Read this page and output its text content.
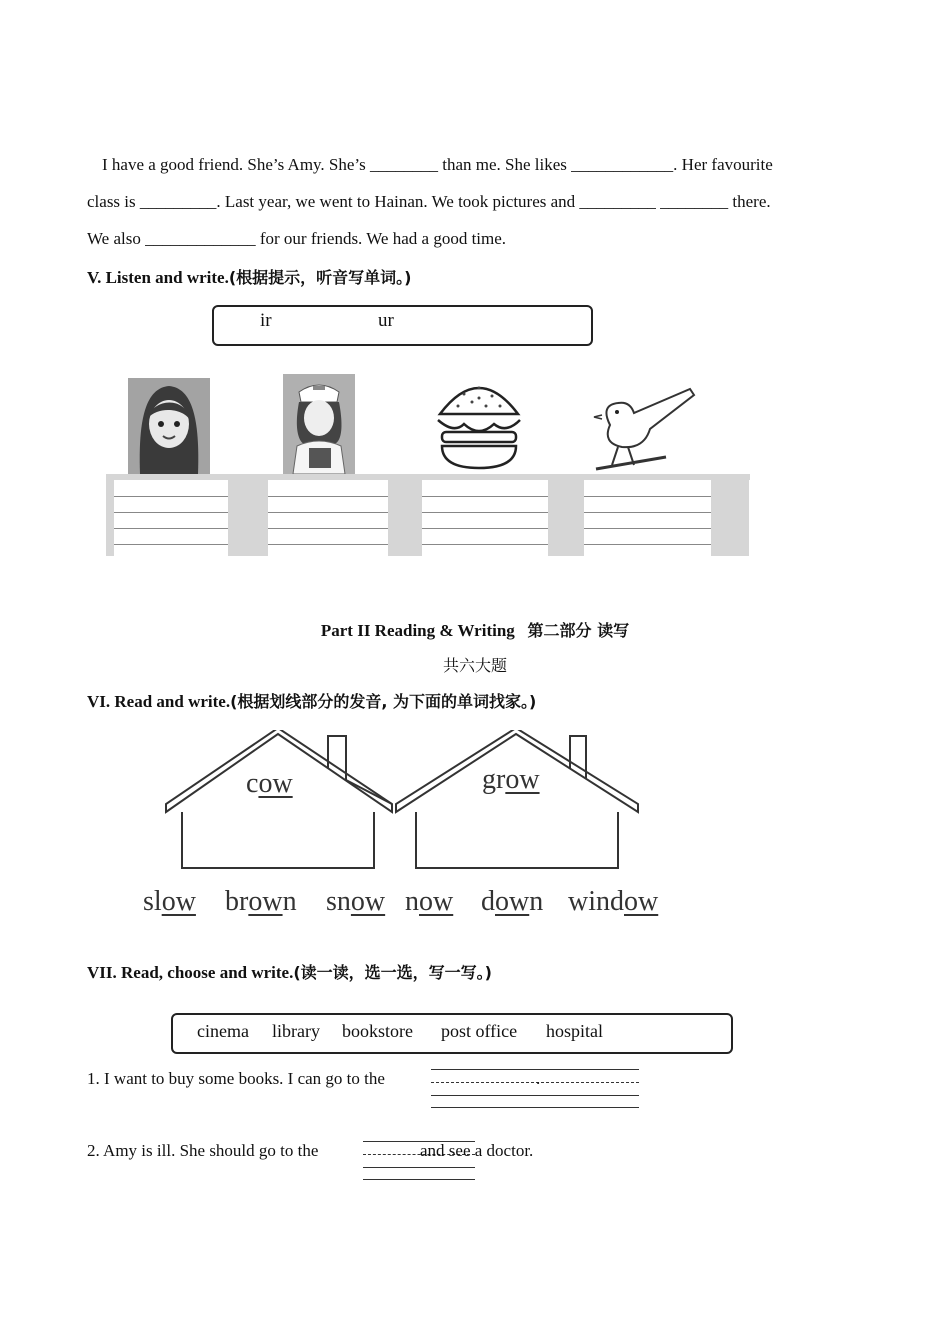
I have a good friend. She’s Amy. She’s ________ than me. She likes ____________. Her favourite
class is _________. Last year, we went to Hainan. We took pictures and _________ ________ there.
We also _____________ for our friends. We had a good time.
V. Listen and write.(根据提示，听音写单词。)
ir	ur
Part II Reading & Writing 第二部分 读写
共六大题
VI. Read and write.(根据划线部分的发音, 为下面的单词找家。)
cow	grow
slow brown snow now down window
VII. Read, choose and write.(读一读，选一选，写一写。)
cinema library bookstore post office hospital
1. I want to buy some books. I can go to the	.
2. Amy is ill. She should go to the	and see a doctor.
